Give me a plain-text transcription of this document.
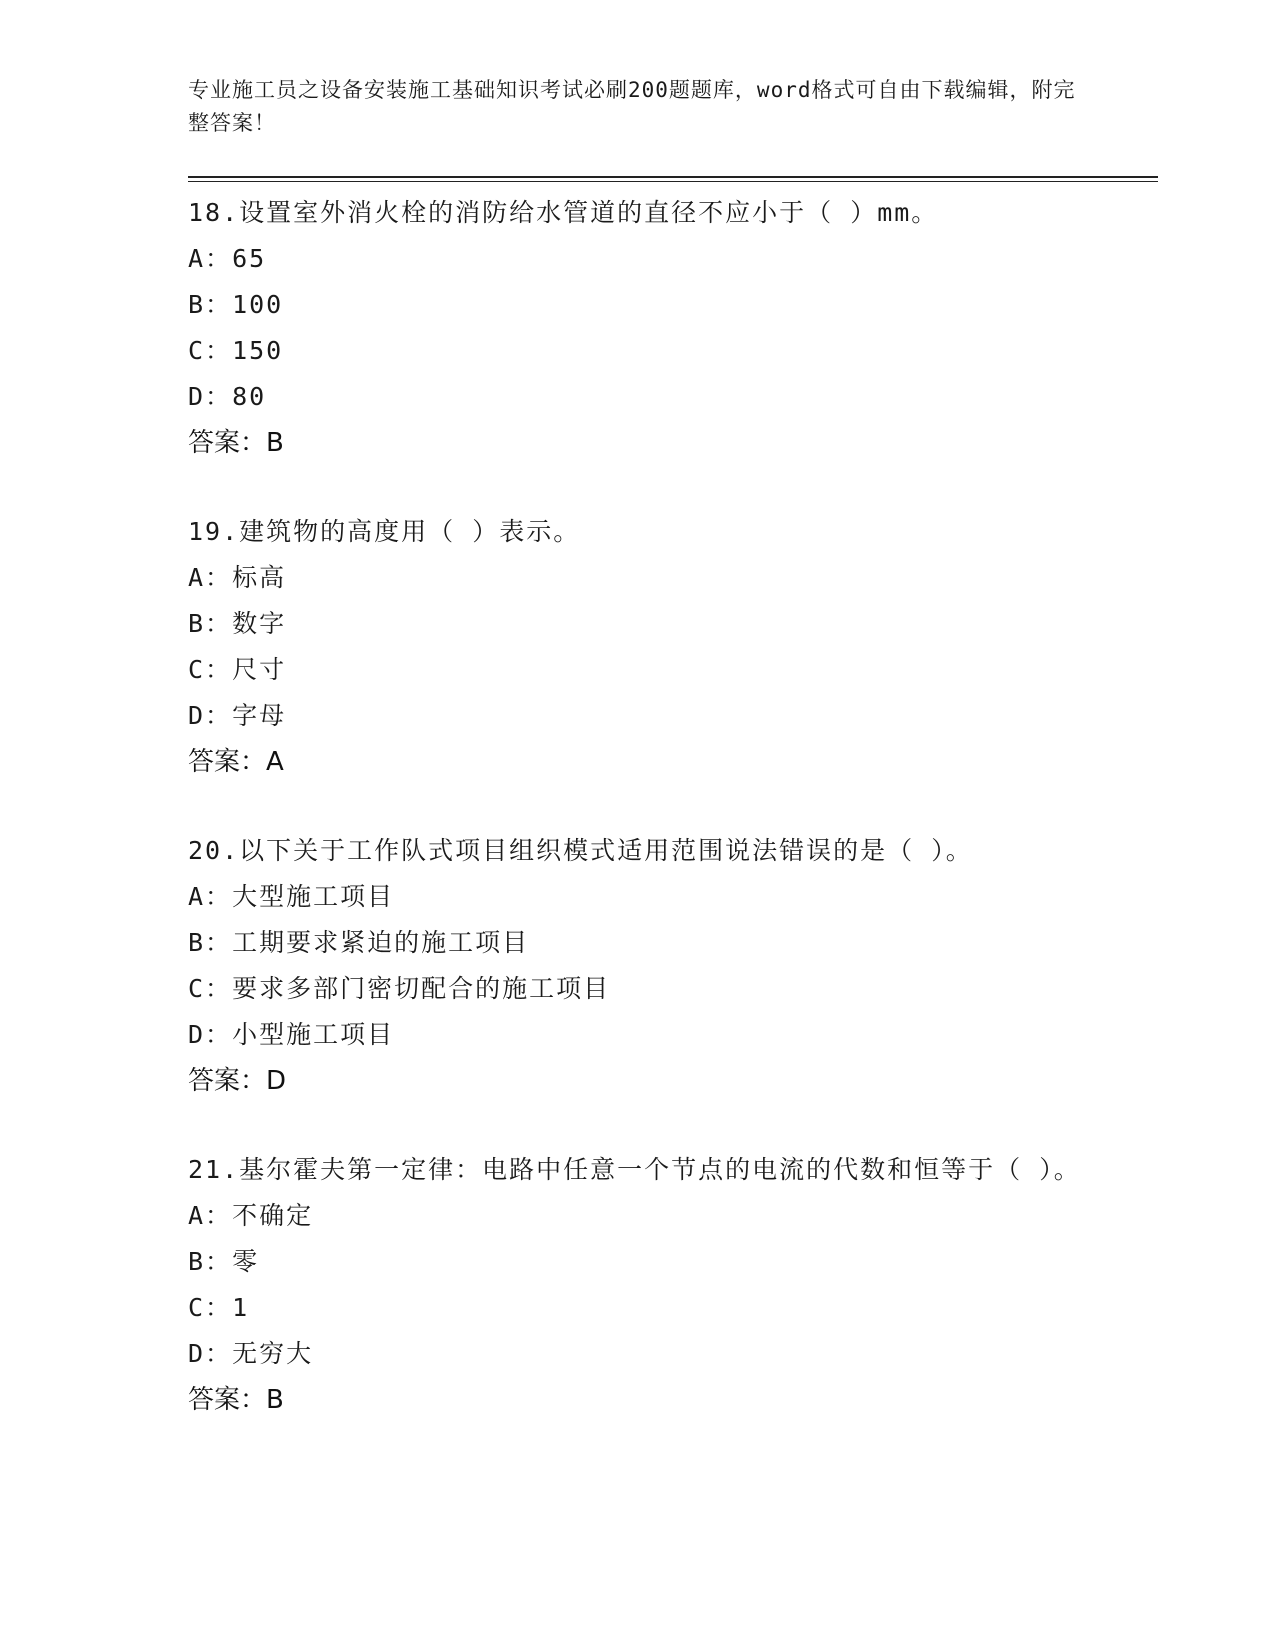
专业施工员之设备安装施工基础知识考试必刷200题题库，word格式可自由下载编辑，附完整答案！

18.设置室外消火栓的消防给水管道的直径不应小于（ ）mm。

A：65

B：100

C：150

D：80

答案：B

19.建筑物的高度用（ ）表示。

A：标高

B：数字

C：尺寸

D：字母

答案：A

20.以下关于工作队式项目组织模式适用范围说法错误的是（ ）。

A：大型施工项目

B：工期要求紧迫的施工项目

C：要求多部门密切配合的施工项目

D：小型施工项目

答案：D

21.基尔霍夫第一定律：电路中任意一个节点的电流的代数和恒等于（ ）。

A：不确定

B：零

C：1

D：无穷大

答案：B
